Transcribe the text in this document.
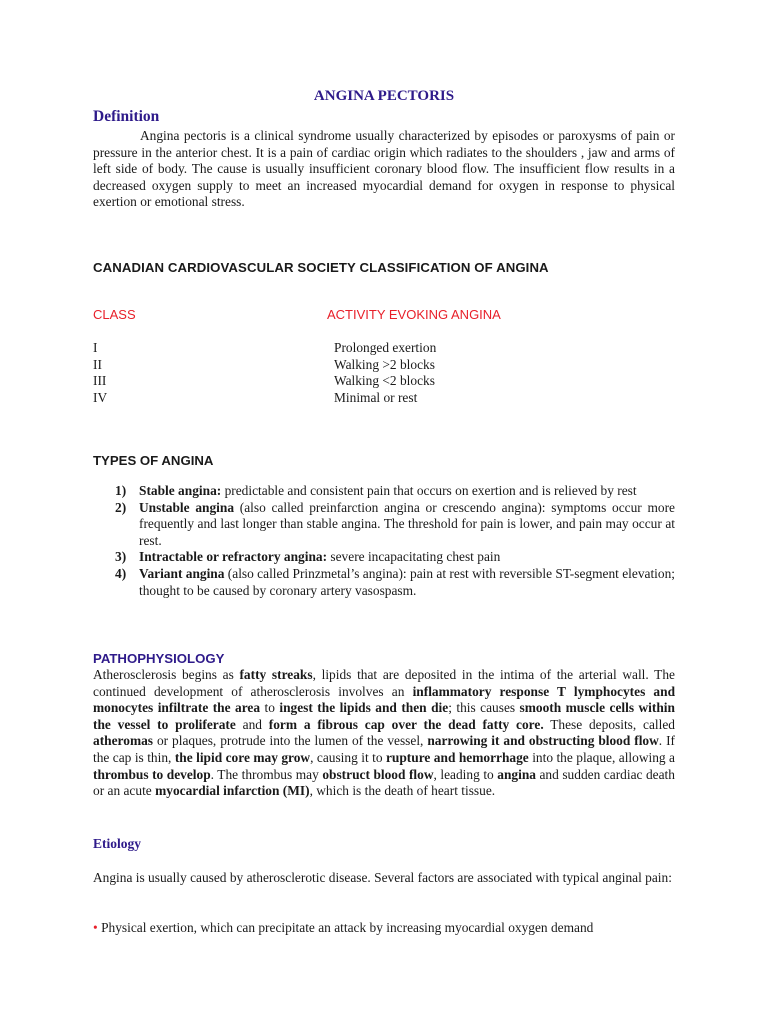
ANGINA PECTORIS
Definition
Angina pectoris is a clinical syndrome usually characterized by episodes or paroxysms of pain or pressure in the anterior chest. It is a pain of cardiac origin which radiates to the shoulders , jaw and arms of left side of body. The cause is usually insufficient coronary blood flow. The insufficient flow results in a decreased oxygen supply to meet an increased myocardial demand for oxygen in response to physical exertion or emotional stress.
CANADIAN CARDIOVASCULAR SOCIETY CLASSIFICATION OF ANGINA
CLASS	ACTIVITY EVOKING ANGINA
I	Prolonged exertion
II	Walking >2 blocks
III	Walking <2 blocks
IV	Minimal or rest
TYPES OF ANGINA
1) Stable angina: predictable and consistent pain that occurs on exertion and is relieved by rest
2) Unstable angina (also called preinfarction angina or crescendo angina): symptoms occur more frequently and last longer than stable angina. The threshold for pain is lower, and pain may occur at rest.
3) Intractable or refractory angina: severe incapacitating chest pain
4) Variant angina (also called Prinzmetal’s angina): pain at rest with reversible ST-segment elevation; thought to be caused by coronary artery vasospasm.
PATHOPHYSIOLOGY
Atherosclerosis begins as fatty streaks, lipids that are deposited in the intima of the arterial wall. The continued development of atherosclerosis involves an inflammatory response T lymphocytes and monocytes infiltrate the area to ingest the lipids and then die; this causes smooth muscle cells within the vessel to proliferate and form a fibrous cap over the dead fatty core. These deposits, called atheromas or plaques, protrude into the lumen of the vessel, narrowing it and obstructing blood flow. If the cap is thin, the lipid core may grow, causing it to rupture and hemorrhage into the plaque, allowing a thrombus to develop. The thrombus may obstruct blood flow, leading to angina and sudden cardiac death or an acute myocardial infarction (MI), which is the death of heart tissue.
Etiology
Angina is usually caused by atherosclerotic disease. Several factors are associated with typical anginal pain:
• Physical exertion, which can precipitate an attack by increasing myocardial oxygen demand
